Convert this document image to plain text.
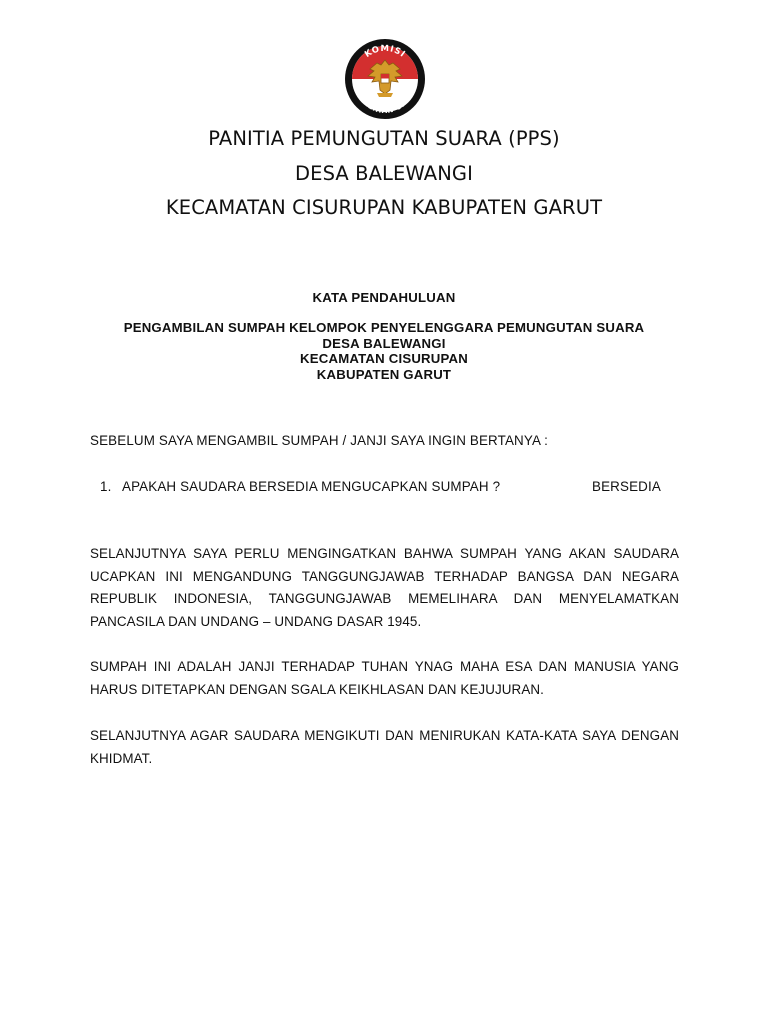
KOMISI
PEMILIHAN UMUM
PANITIA PEMUNGUTAN SUARA (PPS)
DESA BALEWANGI
KECAMATAN CISURUPAN KABUPATEN GARUT
KATA PENDAHULUAN
PENGAMBILAN SUMPAH KELOMPOK PENYELENGGARA PEMUNGUTAN SUARA
DESA BALEWANGI
KECAMATAN CISURUPAN
KABUPATEN GARUT
SEBELUM SAYA MENGAMBIL SUMPAH / JANJI SAYA INGIN BERTANYA :
1. APAKAH SAUDARA BERSEDIA MENGUCAPKAN SUMPAH ?	BERSEDIA
SELANJUTNYA SAYA PERLU MENGINGATKAN BAHWA SUMPAH YANG AKAN SAUDARA UCAPKAN INI MENGANDUNG TANGGUNGJAWAB TERHADAP BANGSA DAN NEGARA REPUBLIK INDONESIA, TANGGUNGJAWAB MEMELIHARA DAN MENYELAMATKAN PANCASILA DAN UNDANG – UNDANG DASAR 1945.
SUMPAH INI ADALAH JANJI TERHADAP TUHAN YNAG MAHA ESA DAN MANUSIA YANG HARUS DITETAPKAN DENGAN SGALA KEIKHLASAN DAN KEJUJURAN.
SELANJUTNYA AGAR SAUDARA MENGIKUTI DAN MENIRUKAN KATA-KATA SAYA DENGAN KHIDMAT.
